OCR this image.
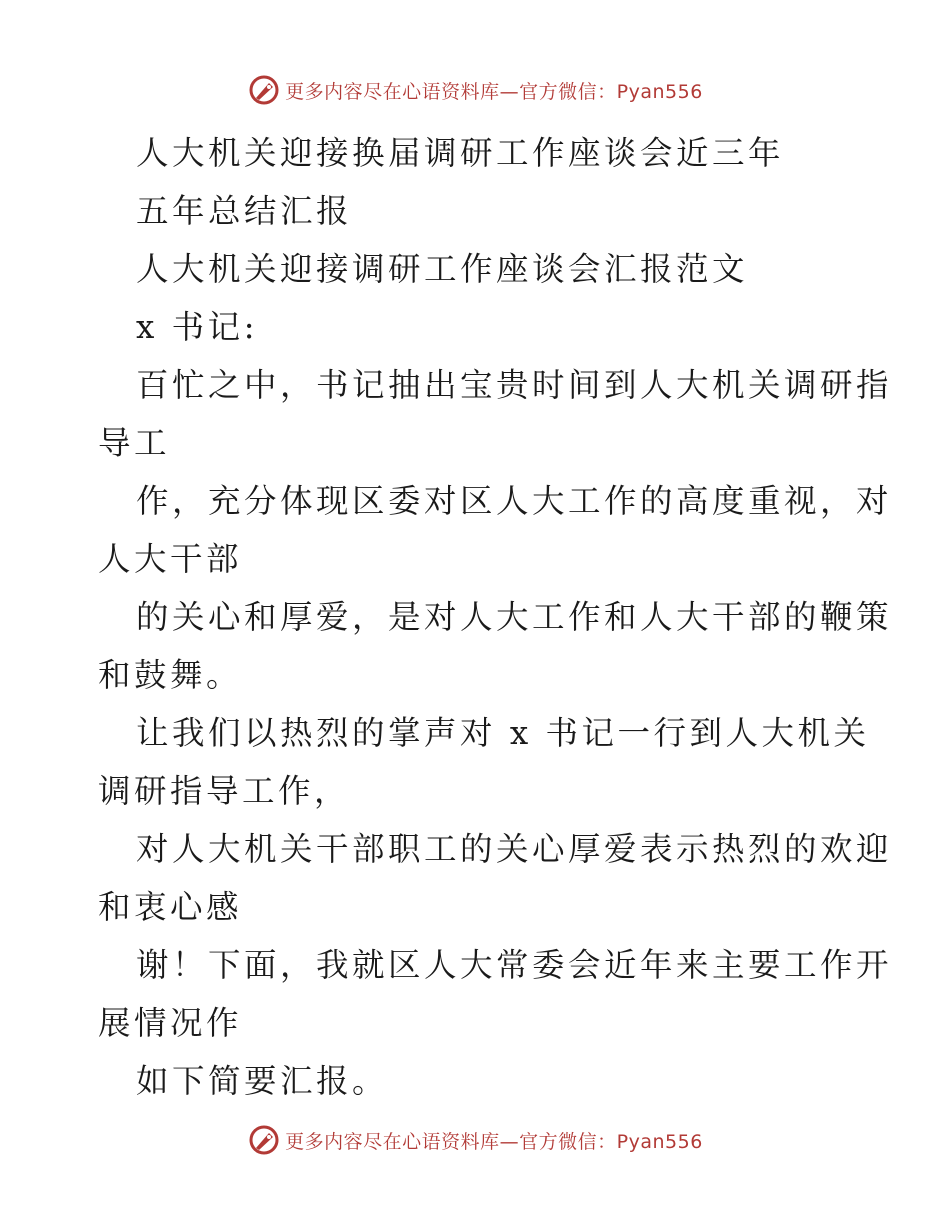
更多内容尽在心语资料库—官方微信：Pyan556
人大机关迎接换届调研工作座谈会近三年
五年总结汇报
人大机关迎接调研工作座谈会汇报范文
x 书记:
百忙之中，书记抽出宝贵时间到人大机关调研指
导工
作，充分体现区委对区人大工作的高度重视，对
人大干部
的关心和厚爱，是对人大工作和人大干部的鞭策
和鼓舞。
让我们以热烈的掌声对 x 书记一行到人大机关
调研指导工作，
对人大机关干部职工的关心厚爱表示热烈的欢迎
和衷心感
谢！下面，我就区人大常委会近年来主要工作开
展情况作
如下简要汇报。
更多内容尽在心语资料库—官方微信：Pyan556
